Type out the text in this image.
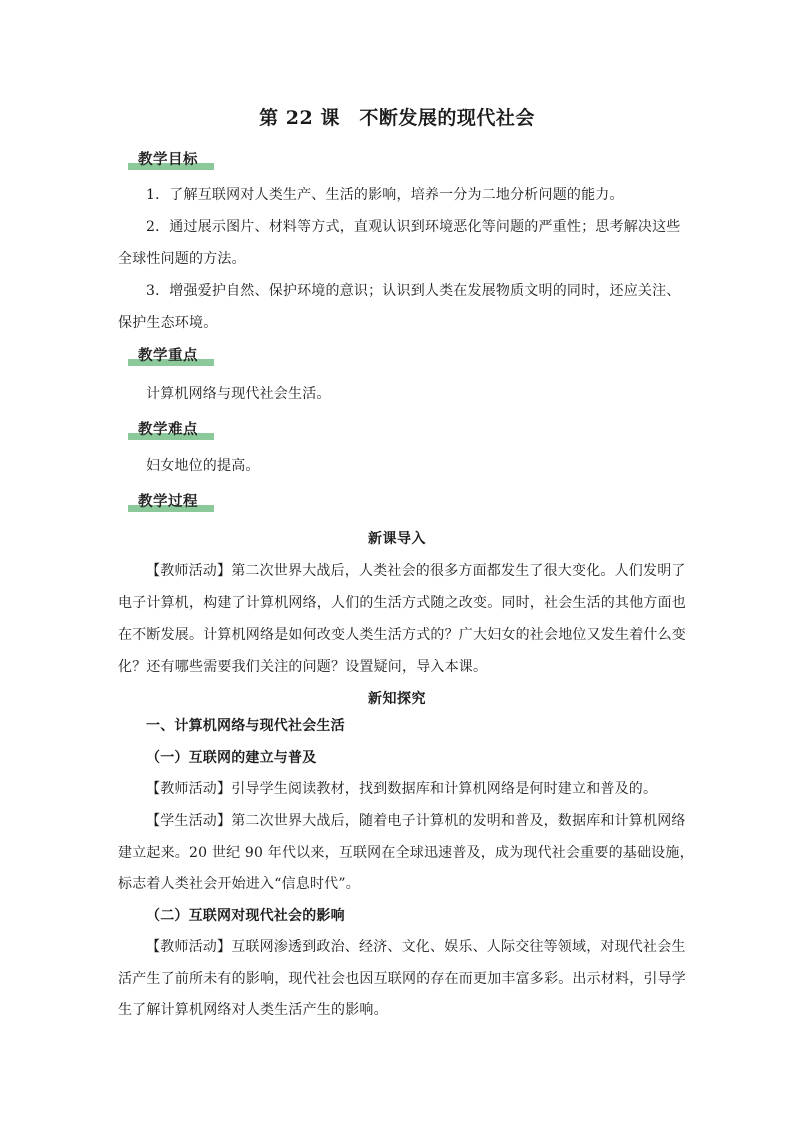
第 22 课　不断发展的现代社会
教学目标
1．了解互联网对人类生产、生活的影响，培养一分为二地分析问题的能力。
2．通过展示图片、材料等方式，直观认识到环境恶化等问题的严重性；思考解决这些
全球性问题的方法。
3．增强爱护自然、保护环境的意识；认识到人类在发展物质文明的同时，还应关注、
保护生态环境。
教学重点
计算机网络与现代社会生活。
教学难点
妇女地位的提高。
教学过程
新课导入
【教师活动】第二次世界大战后，人类社会的很多方面都发生了很大变化。人们发明了
电子计算机，构建了计算机网络，人们的生活方式随之改变。同时，社会生活的其他方面也
在不断发展。计算机网络是如何改变人类生活方式的？广大妇女的社会地位又发生着什么变
化？还有哪些需要我们关注的问题？设置疑问，导入本课。
新知探究
一、计算机网络与现代社会生活
（一）互联网的建立与普及
【教师活动】引导学生阅读教材，找到数据库和计算机网络是何时建立和普及的。
【学生活动】第二次世界大战后，随着电子计算机的发明和普及，数据库和计算机网络
建立起来。20 世纪 90 年代以来，互联网在全球迅速普及，成为现代社会重要的基础设施，
标志着人类社会开始进入“信息时代”。
（二）互联网对现代社会的影响
【教师活动】互联网渗透到政治、经济、文化、娱乐、人际交往等领域，对现代社会生
活产生了前所未有的影响，现代社会也因互联网的存在而更加丰富多彩。出示材料，引导学
生了解计算机网络对人类生活产生的影响。
